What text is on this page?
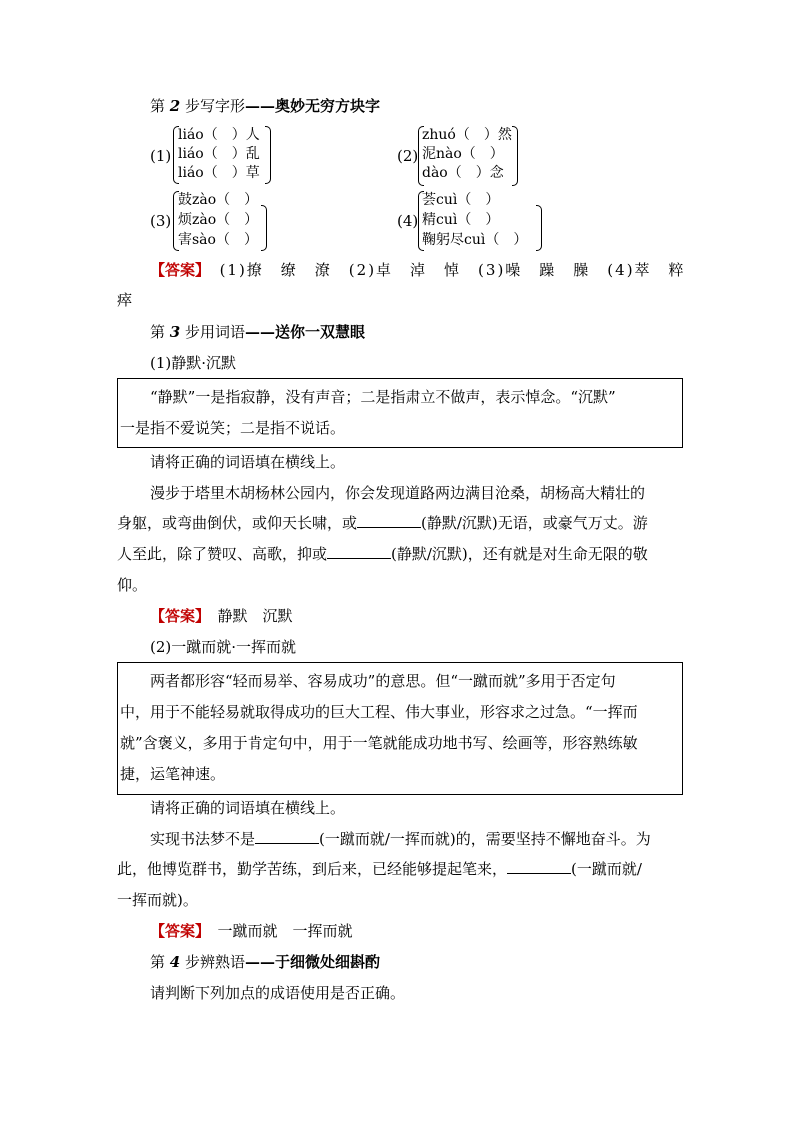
第 2 步写字形——奥妙无穷方块字
(1)
liáo（　）人
liáo（　）乱
liáo（　）草
(2)
zhuó（　）然
泥nào（　）
dào（　）念
(3)
鼓zào（　）
烦zào（　）
害sào（　）
(4)
荟cuì（　）
精cuì（　）
鞠躬尽cuì（　）
【答案】 (1)撩　缭　潦　(2)卓　淖　悼　(3)噪　躁　臊　(4)萃　粹
瘁
第 3 步用词语——送你一双慧眼
(1)静默·沉默
“静默”一是指寂静，没有声音；二是指肃立不做声，表示悼念。“沉默”
一是指不爱说笑；二是指不说话。
请将正确的词语填在横线上。
漫步于塔里木胡杨林公园内，你会发现道路两边满目沧桑，胡杨高大精壮的
身躯，或弯曲倒伏，或仰天长啸，或	(静默/沉默)无语，或豪气万丈。游
人至此，除了赞叹、高歌，抑或	(静默/沉默)，还有就是对生命无限的敬
仰。
【答案】　静默　沉默
(2)一蹴而就·一挥而就
两者都形容“轻而易举、容易成功”的意思。但“一蹴而就”多用于否定句
中，用于不能轻易就取得成功的巨大工程、伟大事业，形容求之过急。“一挥而
就”含褒义，多用于肯定句中，用于一笔就能成功地书写、绘画等，形容熟练敏
捷，运笔神速。
请将正确的词语填在横线上。
实现书法梦不是	(一蹴而就/一挥而就)的，需要坚持不懈地奋斗。为
此，他博览群书，勤学苦练，到后来，已经能够提起笔来，	(一蹴而就/
一挥而就)。
【答案】　一蹴而就　一挥而就
第 4 步辨熟语——于细微处细斟酌
请判断下列加点的成语使用是否正确。
